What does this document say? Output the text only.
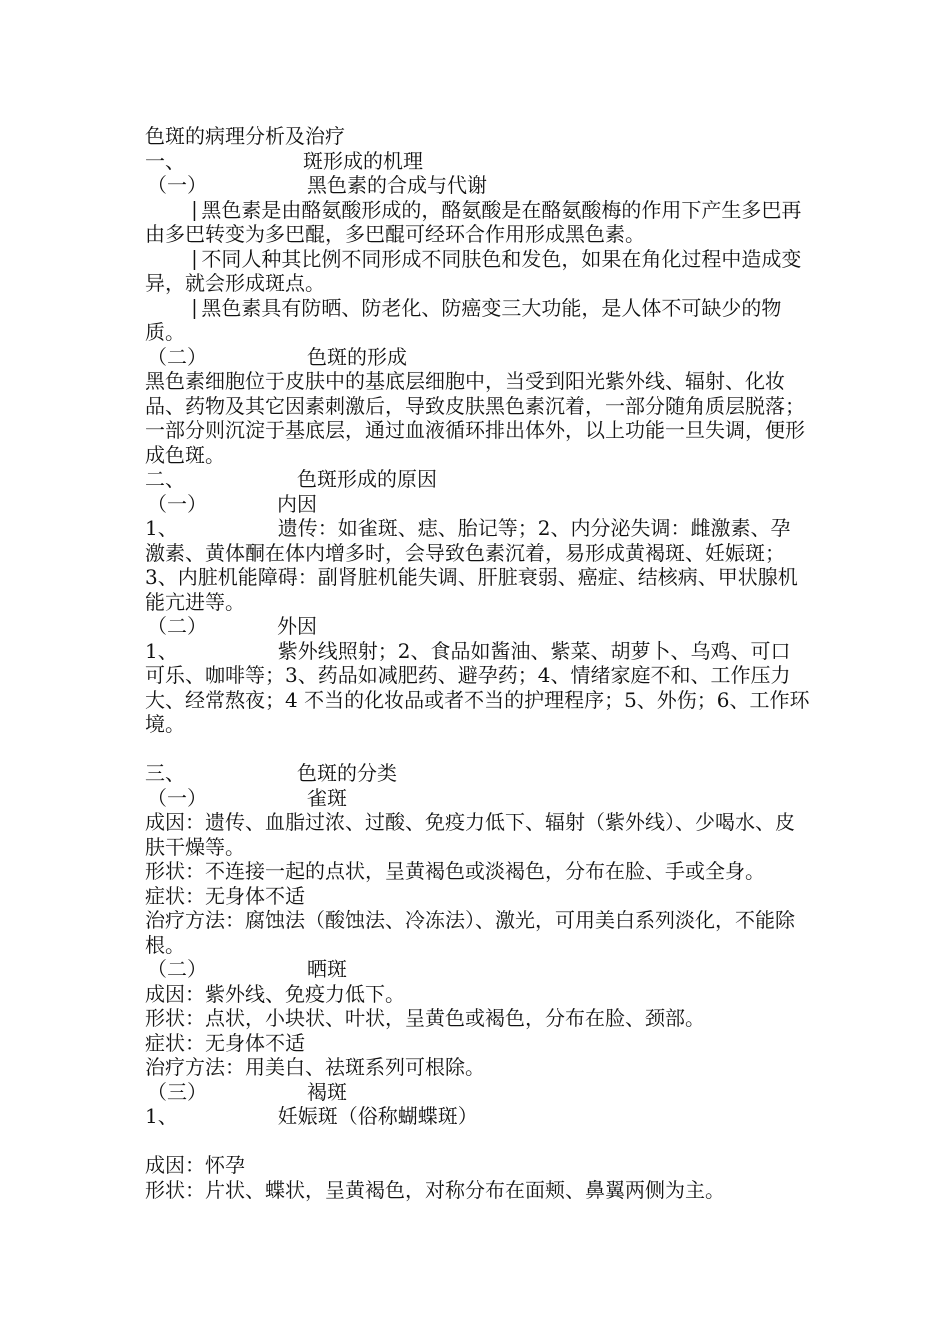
色斑的病理分析及治疗
一、	斑形成的机理
（一）	黑色素的合成与代谢
⎹ 黑色素是由酪氨酸形成的，酪氨酸是在酪氨酸梅的作用下产生多巴再由多巴转变为多巴醌，多巴醌可经环合作用形成黑色素。
⎹ 不同人种其比例不同形成不同肤色和发色，如果在角化过程中造成变异，就会形成斑点。
⎹ 黑色素具有防晒、防老化、防癌变三大功能，是人体不可缺少的物质。
（二）	色斑的形成
黑色素细胞位于皮肤中的基底层细胞中，当受到阳光紫外线、辐射、化妆品、药物及其它因素刺激后，导致皮肤黑色素沉着，一部分随角质层脱落；一部分则沉淀于基底层，通过血液循环排出体外，以上功能一旦失调，便形成色斑。
二、	色斑形成的原因
（一）	内因
1、	遗传：如雀斑、痣、胎记等；2、内分泌失调：雌激素、孕激素、黄体酮在体内增多时，会导致色素沉着，易形成黄褐斑、妊娠斑；3、内脏机能障碍：副肾脏机能失调、肝脏衰弱、癌症、结核病、甲状腺机能亢进等。
（二）	外因
1、	紫外线照射；2、食品如酱油、紫菜、胡萝卜、乌鸡、可口可乐、咖啡等；3、药品如减肥药、避孕药；4、情绪家庭不和、工作压力大、经常熬夜；4 不当的化妆品或者不当的护理程序；5、外伤；6、工作环境。
三、	色斑的分类
（一）	雀斑
成因：遗传、血脂过浓、过酸、免疫力低下、辐射（紫外线）、少喝水、皮肤干燥等。
形状：不连接一起的点状，呈黄褐色或淡褐色，分布在脸、手或全身。
症状：无身体不适
治疗方法：腐蚀法（酸蚀法、冷冻法）、激光，可用美白系列淡化，不能除根。
（二）	晒斑
成因：紫外线、免疫力低下。
形状：点状，小块状、叶状，呈黄色或褐色，分布在脸、颈部。
症状：无身体不适
治疗方法：用美白、祛斑系列可根除。
（三）	褐斑
1、	妊娠斑（俗称蝴蝶斑）
成因：怀孕
形状：片状、蝶状，呈黄褐色，对称分布在面颊、鼻翼两侧为主。
